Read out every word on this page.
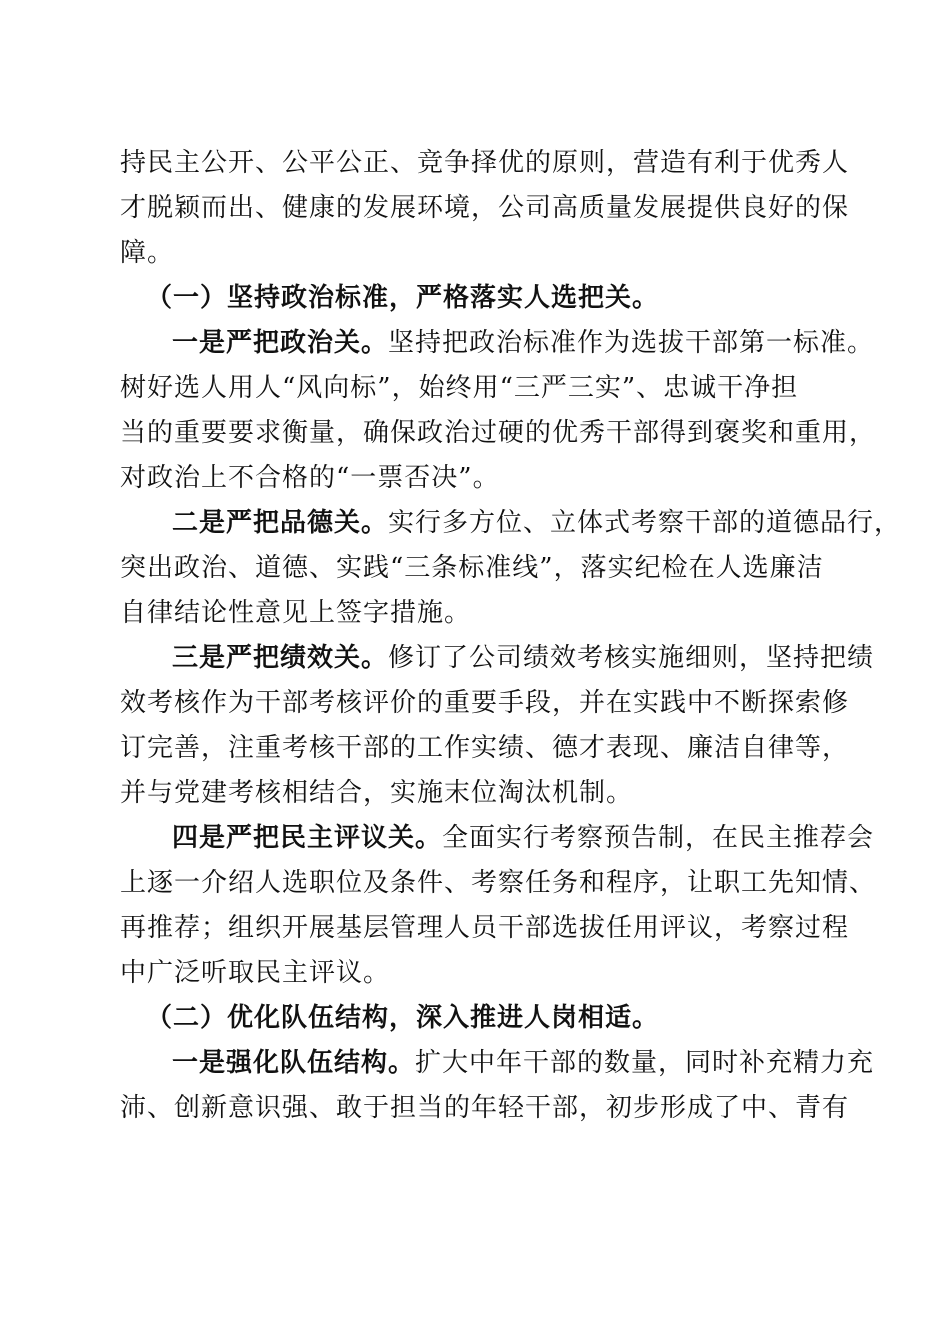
持民主公开、公平公正、竞争择优的原则，营造有利于优秀人
才脱颖而出、健康的发展环境，公司高质量发展提供良好的保
障。
（一）坚持政治标准，严格落实人选把关。
一是严把政治关。坚持把政治标准作为选拔干部第一标准。
树好选人用人“风向标”，始终用“三严三实”、忠诚干净担
当的重要要求衡量，确保政治过硬的优秀干部得到褒奖和重用，
对政治上不合格的“一票否决”。
二是严把品德关。实行多方位、立体式考察干部的道德品行，
突出政治、道德、实践“三条标准线”，落实纪检在人选廉洁
自律结论性意见上签字措施。
三是严把绩效关。修订了公司绩效考核实施细则，坚持把绩
效考核作为干部考核评价的重要手段，并在实践中不断探索修
订完善，注重考核干部的工作实绩、德才表现、廉洁自律等，
并与党建考核相结合，实施末位淘汰机制。
四是严把民主评议关。全面实行考察预告制，在民主推荐会
上逐一介绍人选职位及条件、考察任务和程序，让职工先知情、
再推荐；组织开展基层管理人员干部选拔任用评议，考察过程
中广泛听取民主评议。
（二）优化队伍结构，深入推进人岗相适。
一是强化队伍结构。扩大中年干部的数量，同时补充精力充
沛、创新意识强、敢于担当的年轻干部，初步形成了中、青有
